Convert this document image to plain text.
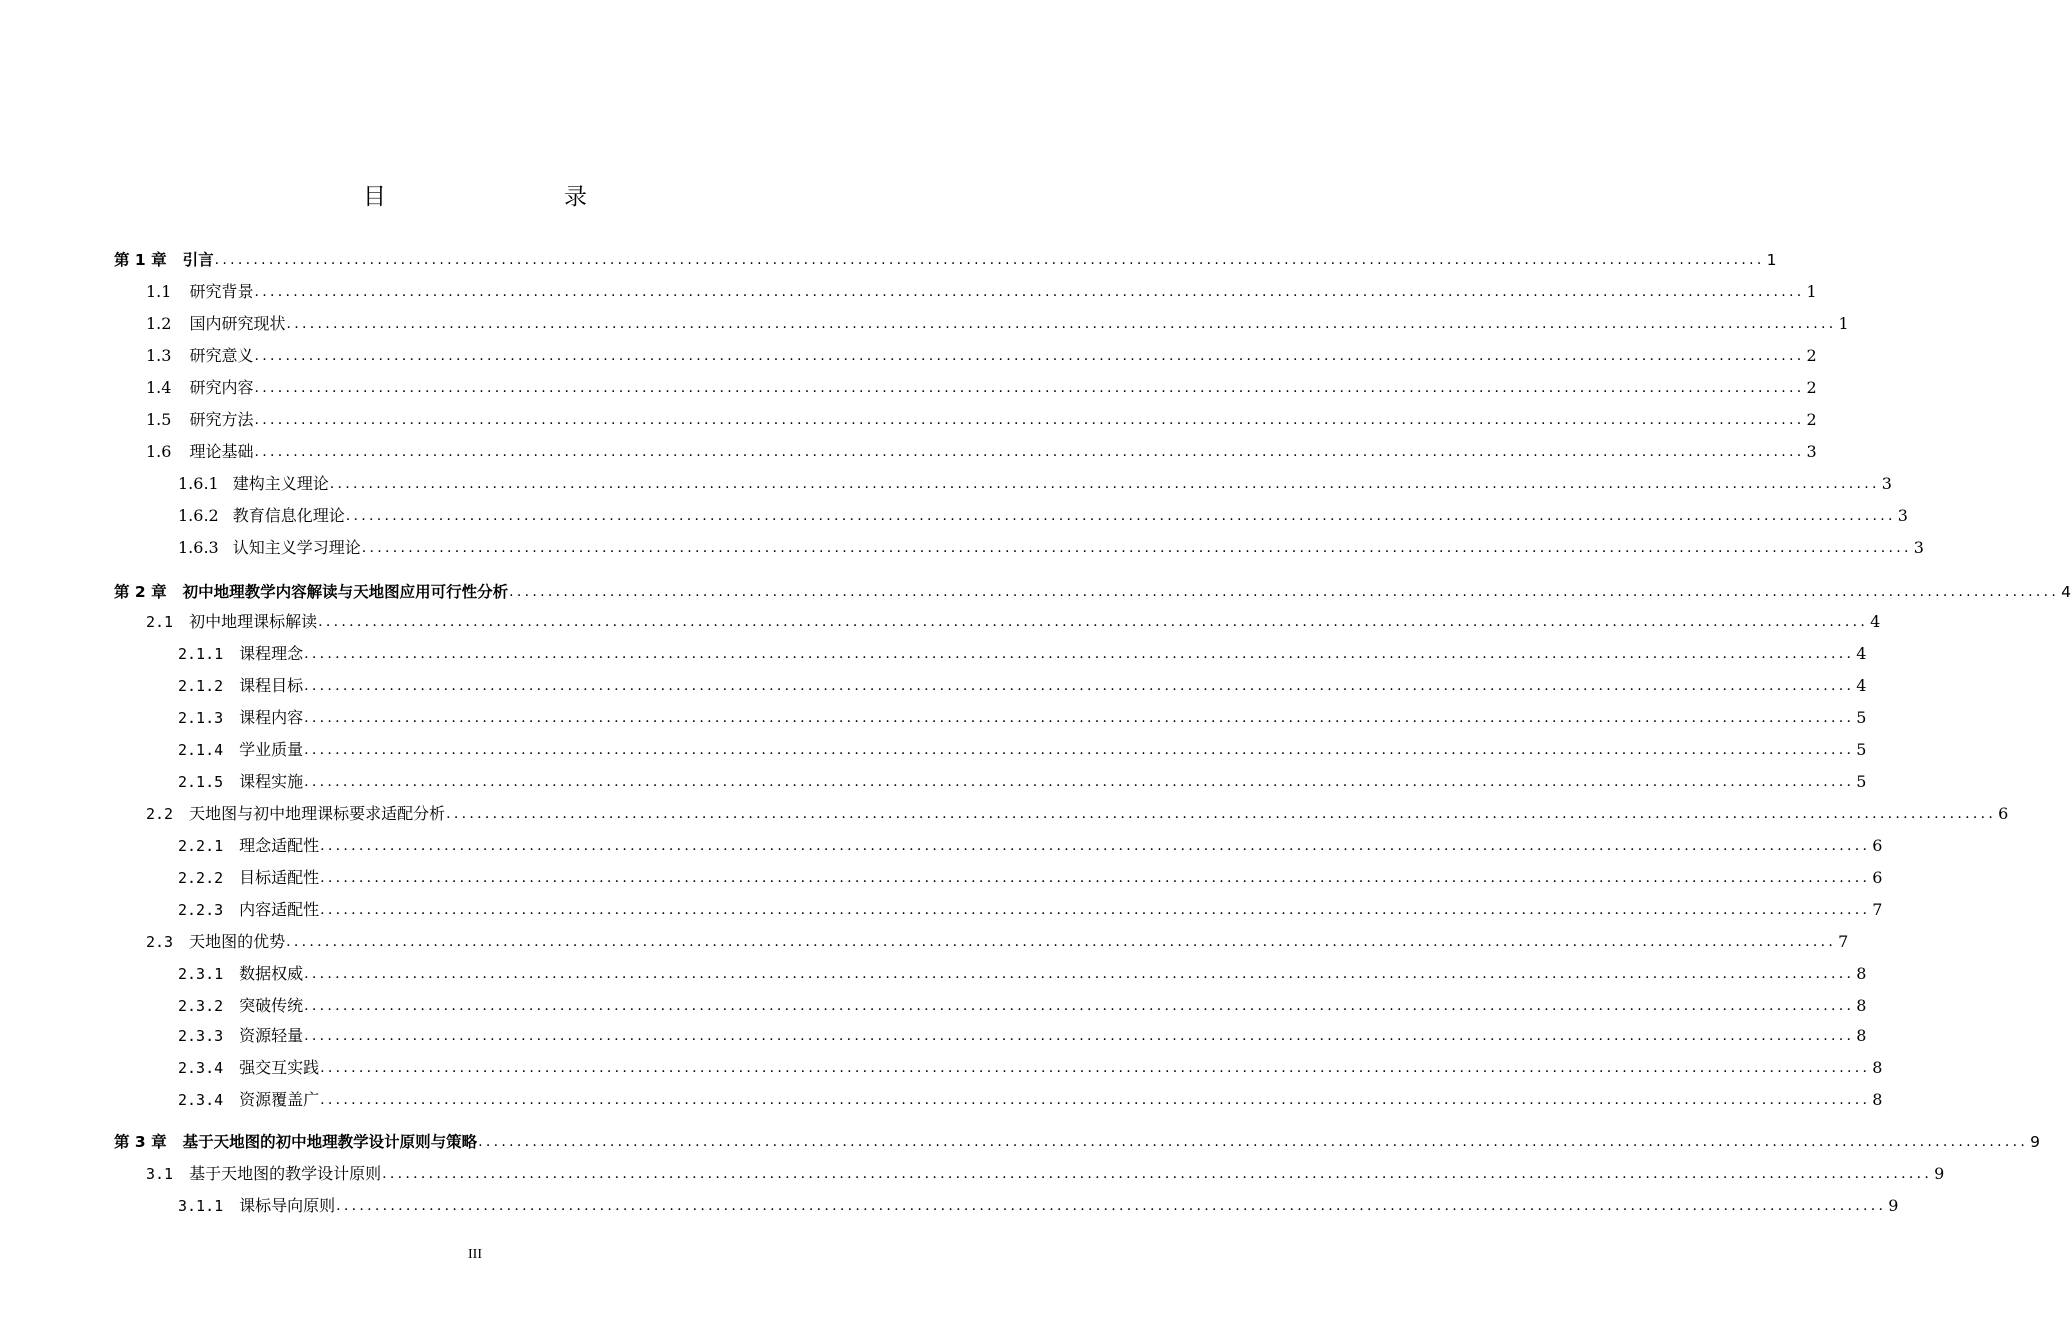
目　　录
第 1 章 引言 ........................................................................................................................................................................................................ 1
1.1 研究背景 ........................................................................................................................................................................................................ 1
1.2 国内研究现状 ........................................................................................................................................................................................................ 1
1.3 研究意义 ........................................................................................................................................................................................................ 2
1.4 研究内容 ........................................................................................................................................................................................................ 2
1.5 研究方法 ........................................................................................................................................................................................................ 2
1.6 理论基础 ........................................................................................................................................................................................................ 3
1.6.1 建构主义理论 ........................................................................................................................................................................................................ 3
1.6.2 教育信息化理论 ........................................................................................................................................................................................................ 3
1.6.3 认知主义学习理论 ........................................................................................................................................................................................................ 3
第 2 章 初中地理教学内容解读与天地图应用可行性分析 ........................................................................................................................................................................................................ 4
2.1 初中地理课标解读 ........................................................................................................................................................................................................ 4
2.1.1 课程理念 ........................................................................................................................................................................................................ 4
2.1.2 课程目标 ........................................................................................................................................................................................................ 4
2.1.3 课程内容 ........................................................................................................................................................................................................ 5
2.1.4 学业质量 ........................................................................................................................................................................................................ 5
2.1.5 课程实施 ........................................................................................................................................................................................................ 5
2.2 天地图与初中地理课标要求适配分析 ........................................................................................................................................................................................................ 6
2.2.1 理念适配性 ........................................................................................................................................................................................................ 6
2.2.2 目标适配性 ........................................................................................................................................................................................................ 6
2.2.3 内容适配性 ........................................................................................................................................................................................................ 7
2.3 天地图的优势 ........................................................................................................................................................................................................ 7
2.3.1 数据权威 ........................................................................................................................................................................................................ 8
2.3.2 突破传统 ........................................................................................................................................................................................................ 8
2.3.3 资源轻量 ........................................................................................................................................................................................................ 8
2.3.4 强交互实践 ........................................................................................................................................................................................................ 8
2.3.4 资源覆盖广 ........................................................................................................................................................................................................ 8
第 3 章 基于天地图的初中地理教学设计原则与策略 ........................................................................................................................................................................................................ 9
3.1 基于天地图的教学设计原则 ........................................................................................................................................................................................................ 9
3.1.1 课标导向原则 ........................................................................................................................................................................................................ 9
III
